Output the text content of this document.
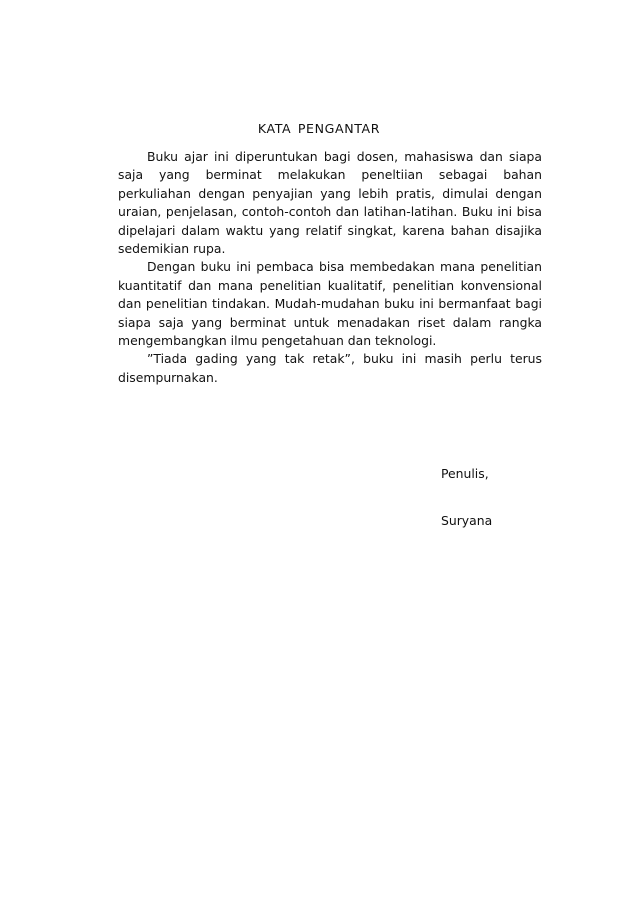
KATA PENGANTAR

Buku ajar ini diperuntukan bagi dosen, mahasiswa dan siapa saja yang berminat melakukan peneltiian sebagai bahan perkuliahan dengan penyajian yang lebih pratis, dimulai dengan uraian, penjelasan, contoh-contoh dan latihan-latihan. Buku ini bisa dipelajari dalam waktu yang relatif singkat, karena bahan disajika sedemikian rupa.

Dengan buku ini pembaca bisa membedakan mana penelitian kuantitatif dan mana penelitian kualitatif, penelitian konvensional dan penelitian tindakan. Mudah-mudahan buku ini bermanfaat bagi siapa saja yang berminat untuk menadakan riset dalam rangka mengembangkan ilmu pengetahuan dan teknologi.

”Tiada gading yang tak retak”, buku ini masih perlu terus disempurnakan.

Penulis,
Suryana
